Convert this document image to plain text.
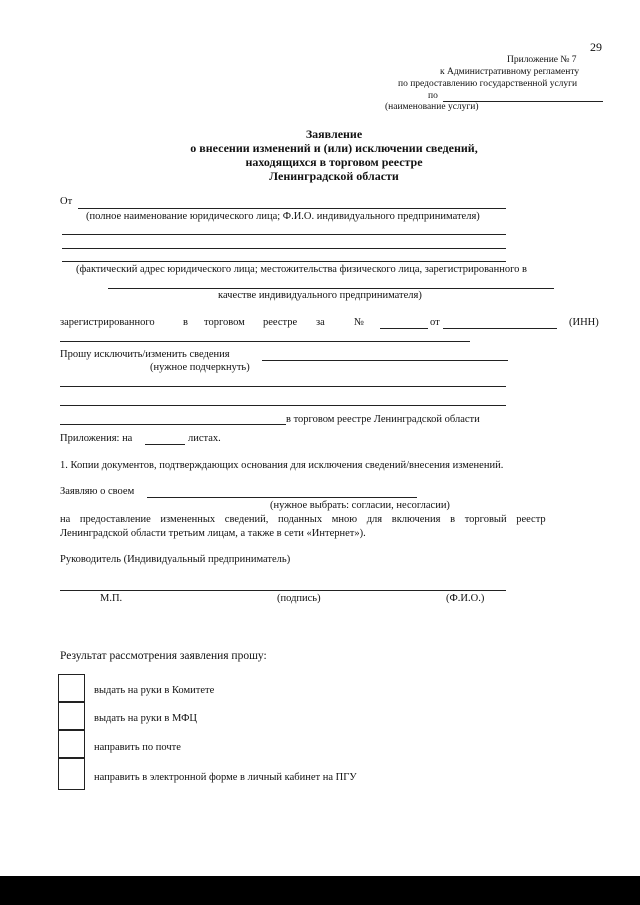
29
Приложение № 7
к Административному регламенту
по предоставлению государственной услуги
по
(наименование услуги)
Заявление
о внесении изменений и (или) исключении сведений,
находящихся в торговом реестре
Ленинградской области
От
(полное наименование юридического лица; Ф.И.О. индивидуального предпринимателя)
(фактический адрес юридического лица; местожительства физического лица, зарегистрированного в
качестве индивидуального предпринимателя)
зарегистрированного	в торговом реестре за	№	от	(ИНН)
Прошу исключить/изменить сведения
(нужное подчеркнуть)
в торговом реестре Ленинградской области
Приложения: на	листах.
1. Копии документов, подтверждающих основания для исключения сведений/внесения изменений.
Заявляю о своем
(нужное выбрать: согласии, несогласии)
на предоставление измененных сведений, поданных мною для включения в торговый реестр
Ленинградской области третьим лицам, а также в сети «Интернет»).
Руководитель (Индивидуальный предприниматель)
М.П.	(подпись)	(Ф.И.О.)
Результат рассмотрения заявления прошу:
выдать на руки в Комитете
выдать на руки в МФЦ
направить по почте
направить в электронной форме в личный кабинет на ПГУ
